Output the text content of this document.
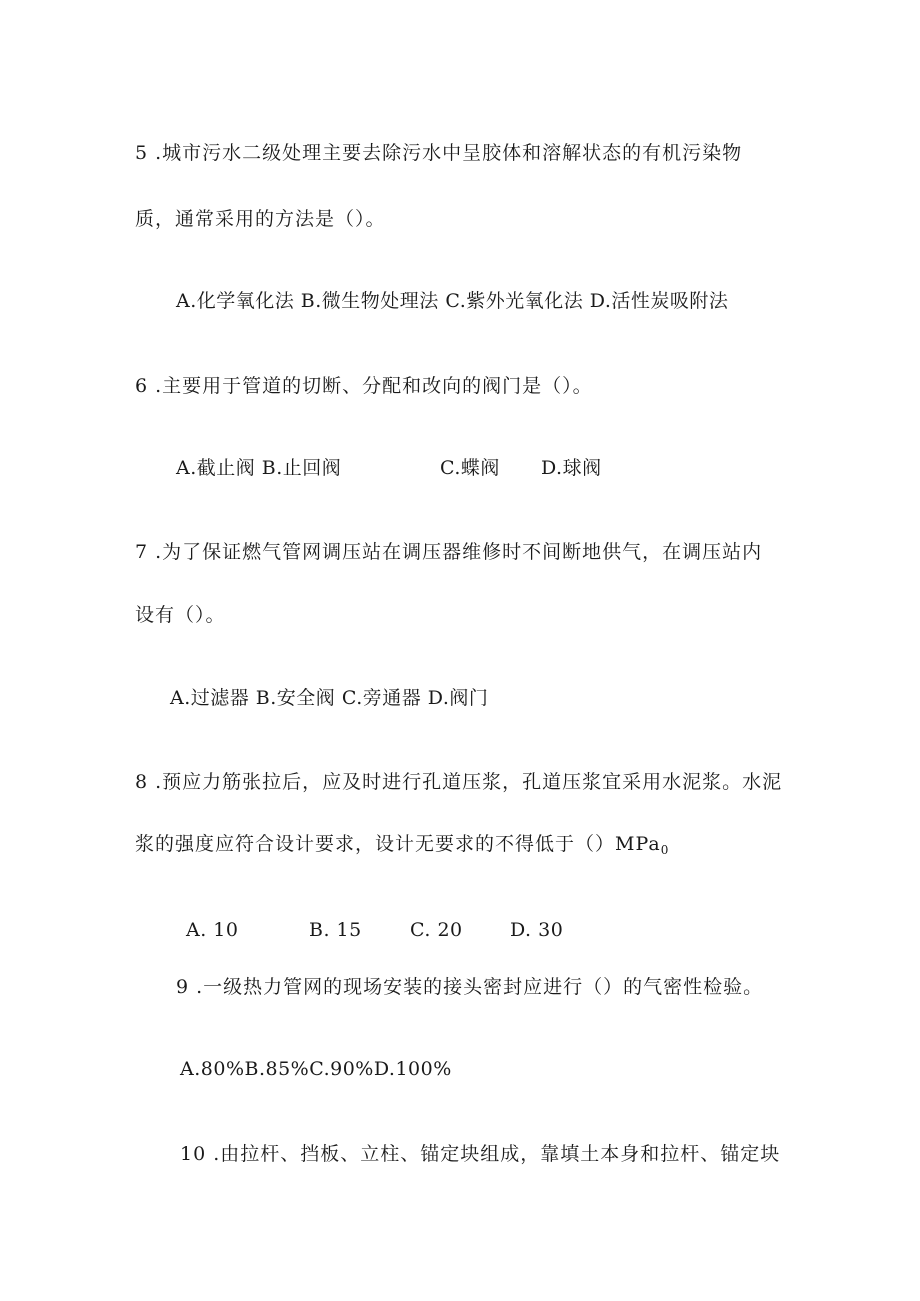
5 .城市污水二级处理主要去除污水中呈胶体和溶解状态的有机污染物
质，通常采用的方法是（）。
A.化学氧化法 B.微生物处理法 C.紫外光氧化法 D.活性炭吸附法
6 .主要用于管道的切断、分配和改向的阀门是（）。
A.截止阀 B.止回阀	C.蝶阀 D.球阀
7 .为了保证燃气管网调压站在调压器维修时不间断地供气，在调压站内
设有（）。
A.过滤器 B.安全阀 C.旁通器 D.阀门
8 .预应力筋张拉后，应及时进行孔道压浆，孔道压浆宜采用水泥浆。水泥
浆的强度应符合设计要求，设计无要求的不得低于（）MPa$_0$
A. 10	B. 15	C. 20 D. 30
9 .一级热力管网的现场安装的接头密封应进行（）的气密性检验。
A.80%B.85%C.90%D.100%
10 .由拉杆、挡板、立柱、锚定块组成，靠填土本身和拉杆、锚定块
